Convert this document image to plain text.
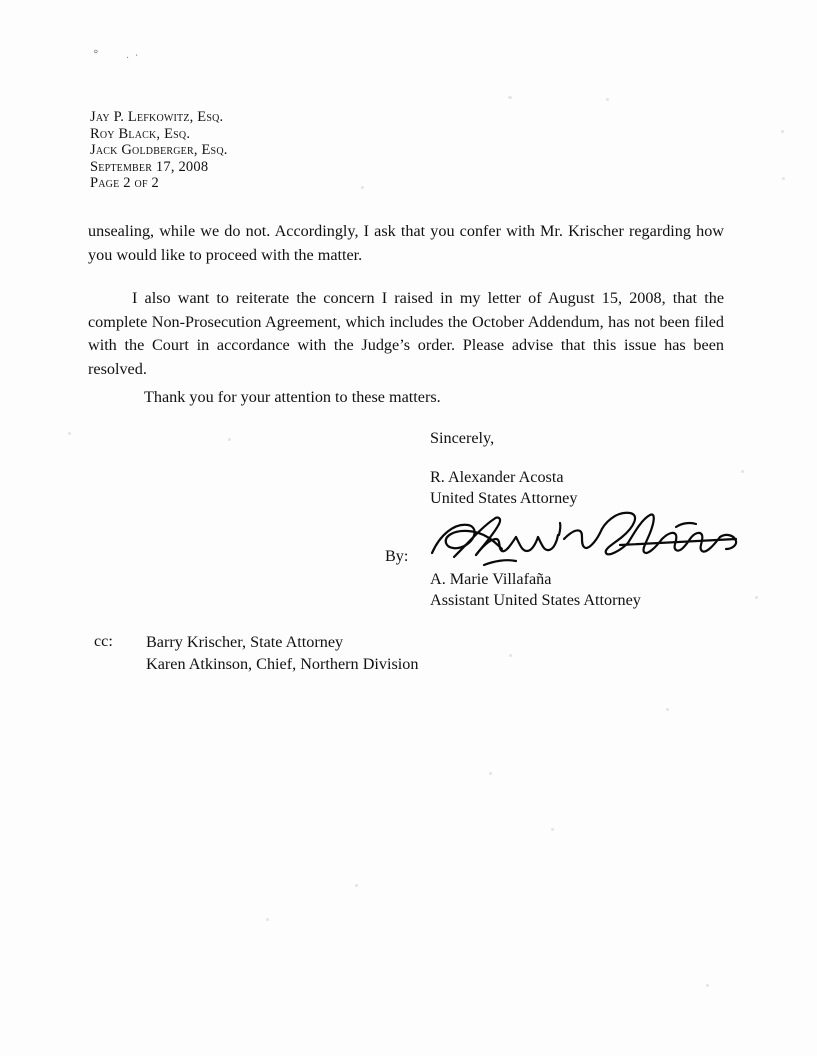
°	· ·
Jay P. Lefkowitz, Esq.
Roy Black, Esq.
Jack Goldberger, Esq.
September 17, 2008
Page 2 of 2

unsealing, while we do not. Accordingly, I ask that you confer with Mr. Krischer regarding how you would like to proceed with the matter.

I also want to reiterate the concern I raised in my letter of August 15, 2008, that the complete Non-Prosecution Agreement, which includes the October Addendum, has not been filed with the Court in accordance with the Judge’s order. Please advise that this issue has been resolved.

Thank you for your attention to these matters.
Sincerely,
R. Alexander Acosta
United States Attorney
By:
A. Marie Villafaña
Assistant United States Attorney
cc: Barry Krischer, State Attorney
Karen Atkinson, Chief, Northern Division
